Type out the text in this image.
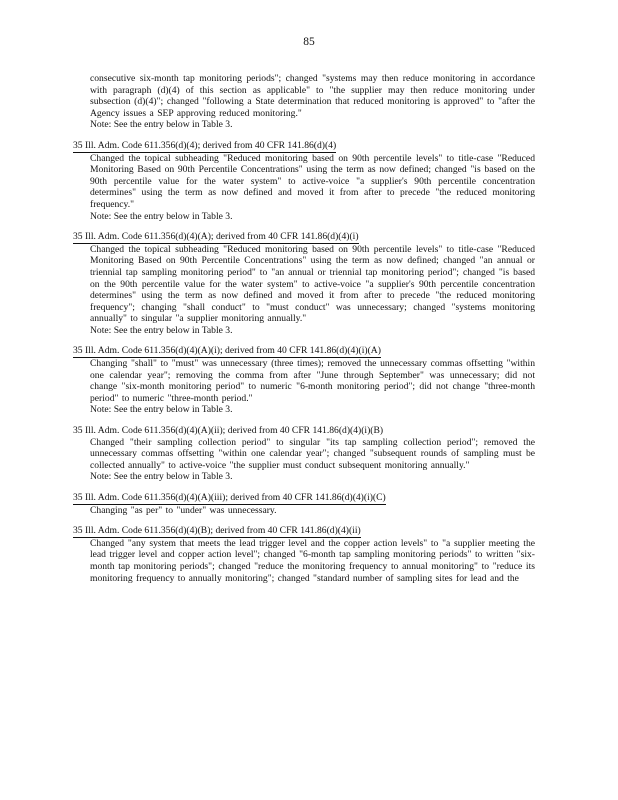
85
consecutive six-month tap monitoring periods"; changed "systems may then reduce monitoring in accordance with paragraph (d)(4) of this section as applicable" to "the supplier may then reduce monitoring under subsection (d)(4)"; changed "following a State determination that reduced monitoring is approved" to "after the Agency issues a SEP approving reduced monitoring."
Note: See the entry below in Table 3.
35 Ill. Adm. Code 611.356(d)(4); derived from 40 CFR 141.86(d)(4)
Changed the topical subheading "Reduced monitoring based on 90th percentile levels" to title-case "Reduced Monitoring Based on 90th Percentile Concentrations" using the term as now defined; changed "is based on the 90th percentile value for the water system" to active-voice "a supplier's 90th percentile concentration determines" using the term as now defined and moved it from after to precede "the reduced monitoring frequency."
Note: See the entry below in Table 3.
35 Ill. Adm. Code 611.356(d)(4)(A); derived from 40 CFR 141.86(d)(4)(i)
Changed the topical subheading "Reduced monitoring based on 90th percentile levels" to title-case "Reduced Monitoring Based on 90th Percentile Concentrations" using the term as now defined; changed "an annual or triennial tap sampling monitoring period" to "an annual or triennial tap monitoring period"; changed "is based on the 90th percentile value for the water system" to active-voice "a supplier's 90th percentile concentration determines" using the term as now defined and moved it from after to precede "the reduced monitoring frequency"; changing "shall conduct" to "must conduct" was unnecessary; changed "systems monitoring annually" to singular "a supplier monitoring annually."
Note: See the entry below in Table 3.
35 Ill. Adm. Code 611.356(d)(4)(A)(i); derived from 40 CFR 141.86(d)(4)(i)(A)
Changing "shall" to "must" was unnecessary (three times); removed the unnecessary commas offsetting "within one calendar year"; removing the comma from after "June through September" was unnecessary; did not change "six-month monitoring period" to numeric "6-month monitoring period"; did not change "three-month period" to numeric "three-month period."
Note: See the entry below in Table 3.
35 Ill. Adm. Code 611.356(d)(4)(A)(ii); derived from 40 CFR 141.86(d)(4)(i)(B)
Changed "their sampling collection period" to singular "its tap sampling collection period"; removed the unnecessary commas offsetting "within one calendar year"; changed "subsequent rounds of sampling must be collected annually" to active-voice "the supplier must conduct subsequent monitoring annually."
Note: See the entry below in Table 3.
35 Ill. Adm. Code 611.356(d)(4)(A)(iii); derived from 40 CFR 141.86(d)(4)(i)(C)
Changing "as per" to "under" was unnecessary.
35 Ill. Adm. Code 611.356(d)(4)(B); derived from 40 CFR 141.86(d)(4)(ii)
Changed "any system that meets the lead trigger level and the copper action levels" to "a supplier meeting the lead trigger level and copper action level"; changed "6-month tap sampling monitoring periods" to written "six-month tap monitoring periods"; changed "reduce the monitoring frequency to annual monitoring" to "reduce its monitoring frequency to annually monitoring"; changed "standard number of sampling sites for lead and the
